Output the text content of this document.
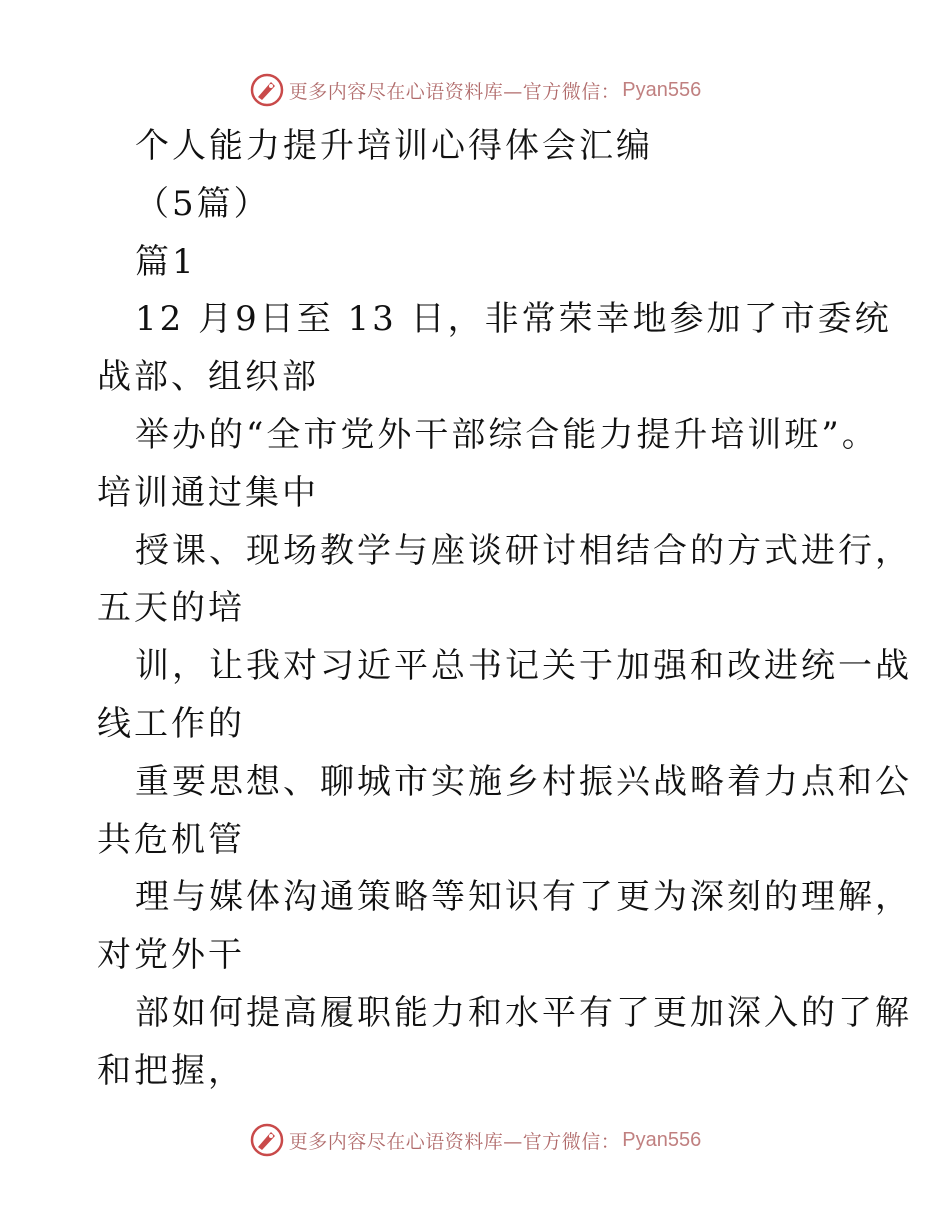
更多内容尽在心语资料库—官方微信： Pyan556
个人能力提升培训心得体会汇编
（5篇）
篇1
12 月9日至 13 日，非常荣幸地参加了市委统
战部、组织部
举办的“全市党外干部综合能力提升培训班”。
培训通过集中
授课、现场教学与座谈研讨相结合的方式进行，
五天的培
训，让我对习近平总书记关于加强和改进统一战
线工作的
重要思想、聊城市实施乡村振兴战略着力点和公
共危机管
理与媒体沟通策略等知识有了更为深刻的理解，
对党外干
部如何提高履职能力和水平有了更加深入的了解
和把握，
更多内容尽在心语资料库—官方微信： Pyan556
